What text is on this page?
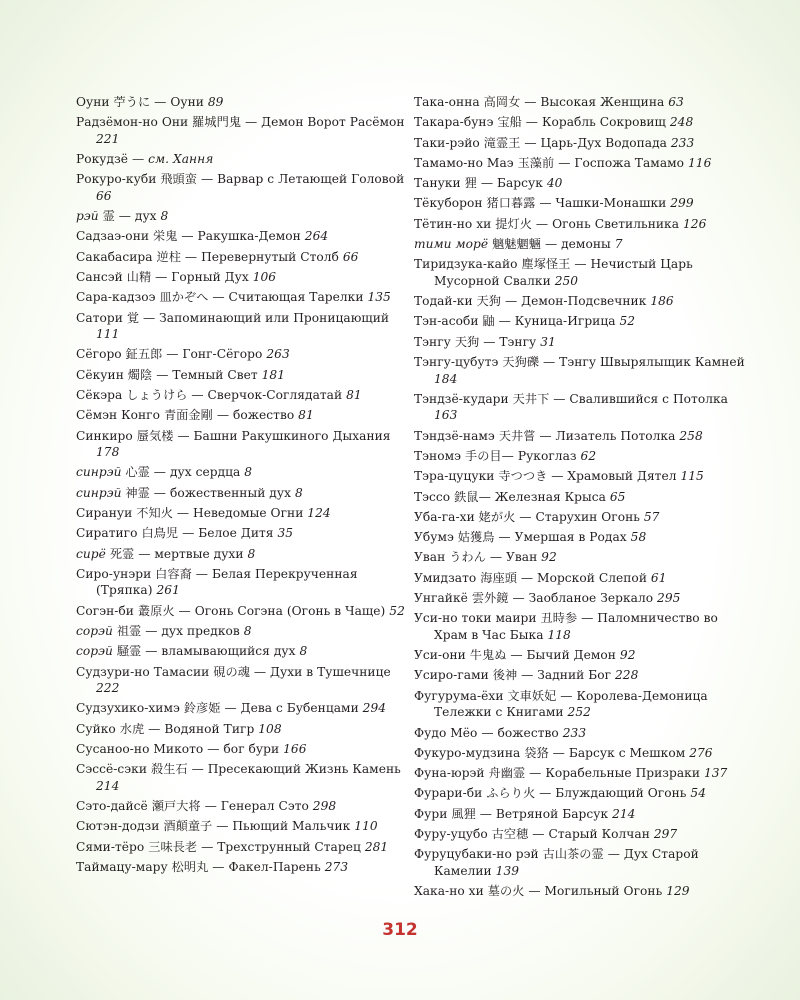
Оуни 苧うに — Оуни 89
Радзёмон-но Они 羅城門鬼 — Демон Ворот Расёмон 221
Рокудзё — см. Хання
Рокуро-куби 飛頭蛮 — Варвар с Летающей Головой 66
рэй 霊 — дух 8
Садзаэ-они 栄鬼 — Ракушка-Демон 264
Сакабасира 逆柱 — Перевернутый Столб 66
Сансэй 山精 — Горный Дух 106
Сара-кадзоэ 皿かぞへ — Считающая Тарелки 135
Сатори 覚 — Запоминающий или Проницающий 111
Сёгоро 鉦五郎 — Гонг-Сёгоро 263
Сёкуин 燭陰 — Темный Свет 181
Сёкэра しょうけら — Сверчок-Соглядатай 81
Сёмэн Конго 青面金剛 — божество 81
Синкиро 蜃気楼 — Башни Ракушкиного Дыхания 178
синрэй 心霊 — дух сердца 8
синрэй 神霊 — божественный дух 8
Сирануи 不知火 — Неведомые Огни 124
Сиратиго 白鳥児 — Белое Дитя 35
сирё 死霊 — мертвые духи 8
Сиро-унэри 白容裔 — Белая Перекрученная (Тряпка) 261
Согэн-би 叢原火 — Огонь Согэна (Огонь в Чаще) 52
сорэй 祖霊 — дух предков 8
сорэй 騒霊 — вламывающийся дух 8
Судзури-но Тамасии 硯の魂 — Духи в Тушечнице 222
Судзухико-химэ 鈴彦姫 — Дева с Бубенцами 294
Суйко 水虎 — Водяной Тигр 108
Сусаноо-но Микото — бог бури 166
Сэссё-сэки 殺生石 — Пресекающий Жизнь Камень 214
Сэто-дайсё 瀬戸大将 — Генерал Сэто 298
Сютэн-додзи 酒顛童子 — Пьющий Мальчик 110
Сями-тёро 三味長老 — Трехструнный Старец 281
Таймацу-мару 松明丸 — Факел-Парень 273
Така-онна 高岡女 — Высокая Женщина 63
Такара-бунэ 宝船 — Корабль Сокровищ 248
Таки-рэйо 滝霊王 — Царь-Дух Водопада 233
Тамамо-но Маэ 玉藻前 — Госпожа Тамамо 116
Тануки 狸 — Барсук 40
Тёкуборон 猪口暮露 — Чашки-Монашки 299
Тётин-но хи 提灯火 — Огонь Светильника 126
тими морё 魑魅魍魎 — демоны 7
Тиридзука-кайо 塵塚怪王 — Нечистый Царь Мусорной Свалки 250
Тодай-ки 天狗 — Демон-Подсвечник 186
Тэн-асоби 鼬 — Куница-Игрица 52
Тэнгу 天狗 — Тэнгу 31
Тэнгу-цубутэ 天狗礫 — Тэнгу Швырялыщик Камней 184
Тэндзё-кудари 天井下 — Свалившийся с Потолка 163
Тэндзё-намэ 天井嘗 — Лизатель Потолка 258
Тэномэ 手の目— Рукоглаз 62
Тэра-цуцуки 寺つつき — Храмовый Дятел 115
Тэссо 鉄鼠— Железная Крыса 65
Уба-га-хи 姥が火 — Старухин Огонь 57
Убумэ 姑獲鳥 — Умершая в Родах 58
Уван うわん — Уван 92
Умидзато 海座頭 — Морской Слепой 61
Унгайкё 雲外鏡 — Заобланое Зеркало 295
Уси-но токи маири 丑時参 — Паломничество во Храм в Час Быка 118
Уси-они 牛鬼ぬ — Бычий Демон 92
Усиро-гами 後神 — Задний Бог 228
Фугурума-ёхи 文車妖妃 — Королева-Демоница Тележки с Книгами 252
Фудо Мёо — божество 233
Фукуро-мудзина 袋狢 — Барсук с Мешком 276
Фуна-юрэй 舟幽霊 — Корабельные Призраки 137
Фурари-би ふらり火 — Блуждающий Огонь 54
Фури 風狸 — Ветряной Барсук 214
Фуру-уцубо 古空穂 — Старый Колчан 297
Фуруцубаки-но рэй 古山茶の霊 — Дух Старой Камелии 139
Хака-но хи 墓の火 — Могильный Огонь 129
312
